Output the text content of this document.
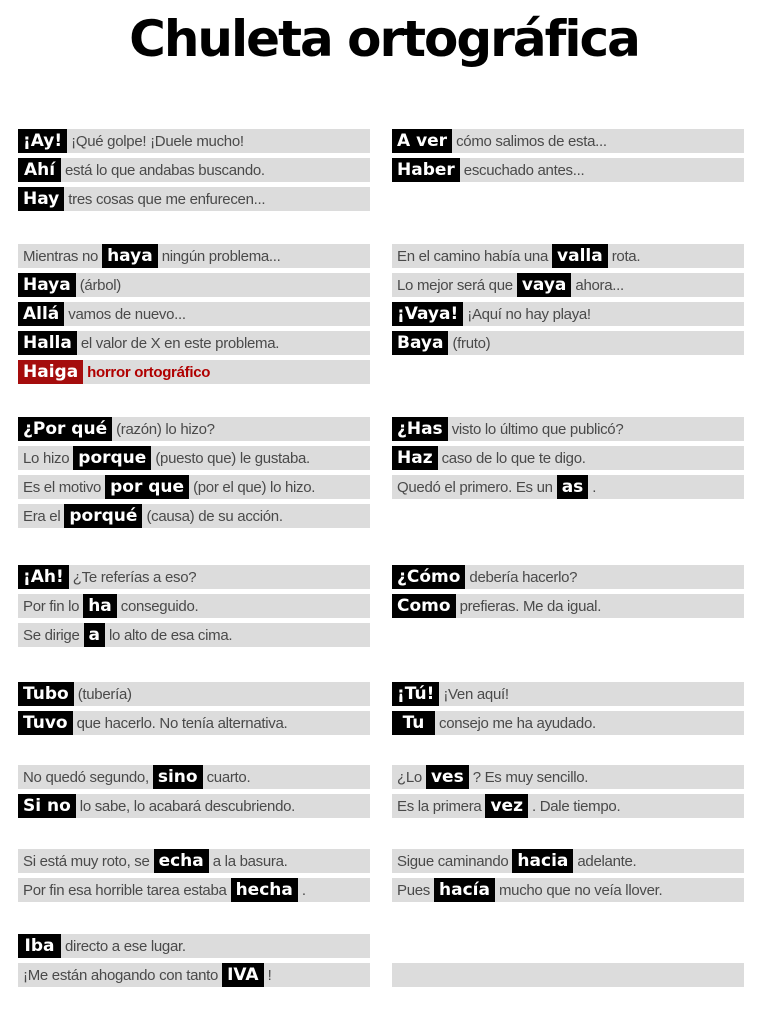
Chuleta ortográfica
¡Ay! ¡Qué golpe! ¡Duele mucho!
Ahí está lo que andabas buscando.
Hay tres cosas que me enfurecen...
Mientras no haya ningún problema...
Haya (árbol)
Allá vamos de nuevo...
Halla el valor de X en este problema.
Haiga horror ortográfico
¿Por qué (razón) lo hizo?
Lo hizo porque (puesto que) le gustaba.
Es el motivo por que (por el que) lo hizo.
Era el porqué (causa) de su acción.
¡Ah! ¿Te referías a eso?
Por fin lo ha conseguido.
Se dirige a lo alto de esa cima.
Tubo (tubería)
Tuvo que hacerlo. No tenía alternativa.
No quedó segundo, sino cuarto.
Si no lo sabe, lo acabará descubriendo.
Si está muy roto, se echa a la basura.
Por fin esa horrible tarea estaba hecha .
Iba directo a ese lugar.
¡Me están ahogando con tanto IVA !
A ver cómo salimos de esta...
Haber escuchado antes...
En el camino había una valla rota.
Lo mejor será que vaya ahora...
¡Vaya! ¡Aquí no hay playa!
Baya (fruto)
¿Has visto lo último que publicó?
Haz caso de lo que te digo.
Quedó el primero. Es un as .
¿Cómo debería hacerlo?
Como prefieras. Me da igual.
¡Tú! ¡Ven aquí!
Tu consejo me ha ayudado.
¿Lo ves ? Es muy sencillo.
Es la primera vez . Dale tiempo.
Sigue caminando hacia adelante.
Pues hacía mucho que no veía llover.
